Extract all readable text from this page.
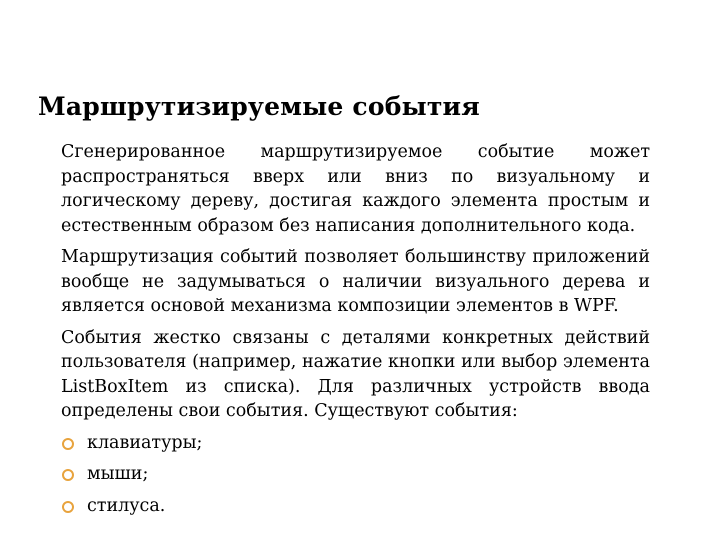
Маршрутизируемые события

Сгенерированное маршрутизируемое событие может распространяться вверх или вниз по визуальному и логическому дереву, достигая каждого элемента простым и естественным образом без написания дополнительного кода.

Маршрутизация событий позволяет большинству приложений вообще не задумываться о наличии визуального дерева и является основой механизма композиции элементов в WPF.

События жестко связаны с деталями конкретных действий пользователя (например, нажатие кнопки или выбор элемента ListBoxItem из списка). Для различных устройств ввода определены свои события. Существуют события:

клавиатуры;
мыши;
стилуса.
